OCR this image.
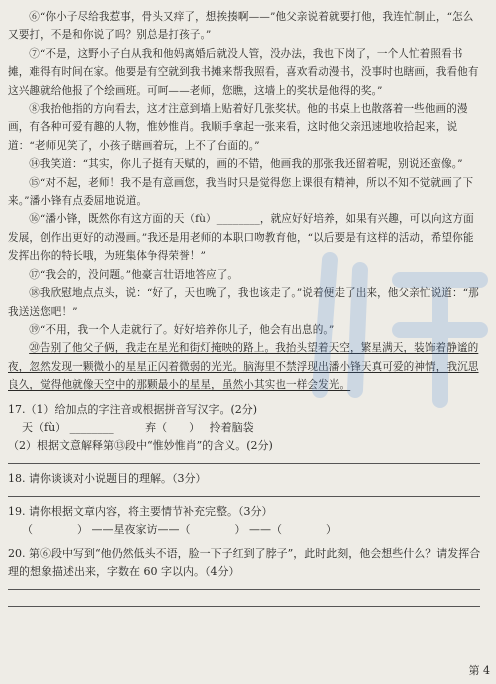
⑥“你小子尽给我惹事，骨头又痒了，想挨揍啊——”他父亲说着就要打他，我连忙制止，“怎么又要打，不是和你说了吗？别总是打孩子。”

⑦“不是，这野小子白从我和他妈离婚后就没人管，没办法，我也下岗了，一个人忙着照看书摊，难得有时间在家。他要是有空就到我书摊来帮我照看，喜欢看动漫书，没事时也瞎画，我看他有这兴趣就给他报了个绘画班。可呵——老师，您瞧，这墙上的奖状是他得的奖。”

⑧我抬他指的方向看去，这才注意到墙上贴着好几张奖状。他的书桌上也散落着一些他画的漫画，有各种可爱有趣的人物，惟妙惟肖。我顺手拿起一张来看，这时他父亲迅速地收拾起来，说道：“老师见笑了，小孩子瞎画着玩，上不了台面的。”

⑭我笑道：“其实，你儿子挺有天赋的，画的不错，他画我的那张我还留着呢，别说还蛮像。”

⑮“对不起，老师！我不是有意画您，我当时只是觉得您上课很有精神，所以不知不觉就画了下来。”潘小锋有点委屈地说道。

⑯“潘小锋，既然你有这方面的天（fù）________，就应好好培养，如果有兴趣，可以向这方面发展，创作出更好的动漫画。”我还是用老师的本职口吻教育他，“以后要是有这样的活动，希望你能发挥出你的特长哦，为班集体争得荣誉！”

⑰“我会的，没问题。”他豪言壮语地答应了。

⑱我欣慰地点点头，说：“好了，天也晚了，我也该走了。”说着便走了出来，他父亲忙说道：“那我送送您吧！”

⑲“不用，我一个人走就行了。好好培养你儿子，他会有出息的。”

⑳告别了他父子俩，我走在星光和街灯掩映的路上。我抬头望着天空，繁星满天，装饰着静谧的夜，忽然发现一颗微小的星星正闪着微弱的光光。脑海里不禁浮现出潘小锋天真可爱的神情，我沉思良久，觉得他就像天空中的那颗最小的星星，虽然小其实也一样会发光。

17.（1）给加点的字注音或根据拼音写汉字。(2分)

天（fù） ________	弃（　　） 拎着脑袋

（2）根据文意解释第⑬段中“惟妙惟肖”的含义。(2分)

18. 请你谈谈对小说题目的理解。（3分）

19. 请你根据文章内容，将主要情节补充完整。（3分）

（　　　　） ——星夜家访——（　　　　） ——（　　　　）

20. 第⑥段中写到“他仍然低头不语，脸一下子红到了脖子”，此时此刻，他会想些什么？请发挥合理的想象描述出来，字数在 60 字以内。（4分）

第 4
